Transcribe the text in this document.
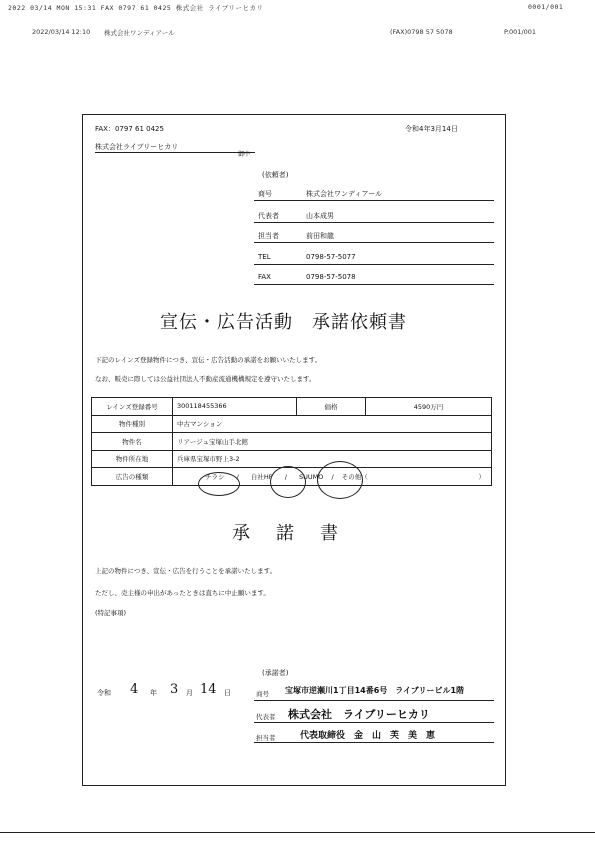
2022 03/14 MON 15:31 FAX 0797 61 0425 株式会社 ライブリーヒカリ	0001/001
2022/03/14 12:10 株式会社ワンディアール	(FAX)0798 57 5078	P.001/001
FAX：0797 61 0425	令和4年3月14日
株式会社ライブリーヒカリ
御中
(依頼者)
商号	株式会社ワンディアール
代表者	山本成男
担当者	前田和龍
TEL	0798-57-5077
FAX	0798-57-5078
宣伝・広告活動　承諾依頼書
下記のレインズ登録物件につき、宣伝・広告活動の承諾をお願いいたします。
なお、販売に際しては公益社団法人不動産流通機構規定を遵守いたします。
レインズ登録番号	300118455366	価格	4590万円
物件種別	中古マンション		
物件名	リアージュ宝塚山手北館		
物件所在地	兵庫県宝塚市野上3-2		
広告の種類	チラシ / 自社HP / SUUMO / その他（ ）		
承　諾　書
上記の物件につき、宣伝・広告を行うことを承諾いたします。
ただし、売主様の申出があったときは直ちに中止願います。
(特記事項)
(承諾者)
令和 4 年 3 月 14 日	商号 宝塚市逆瀬川1丁目14番6号　ライブリービル1階
代表者 株式会社　ライブリーヒカリ
担当者	代表取締役　金　山　芙　美　恵
